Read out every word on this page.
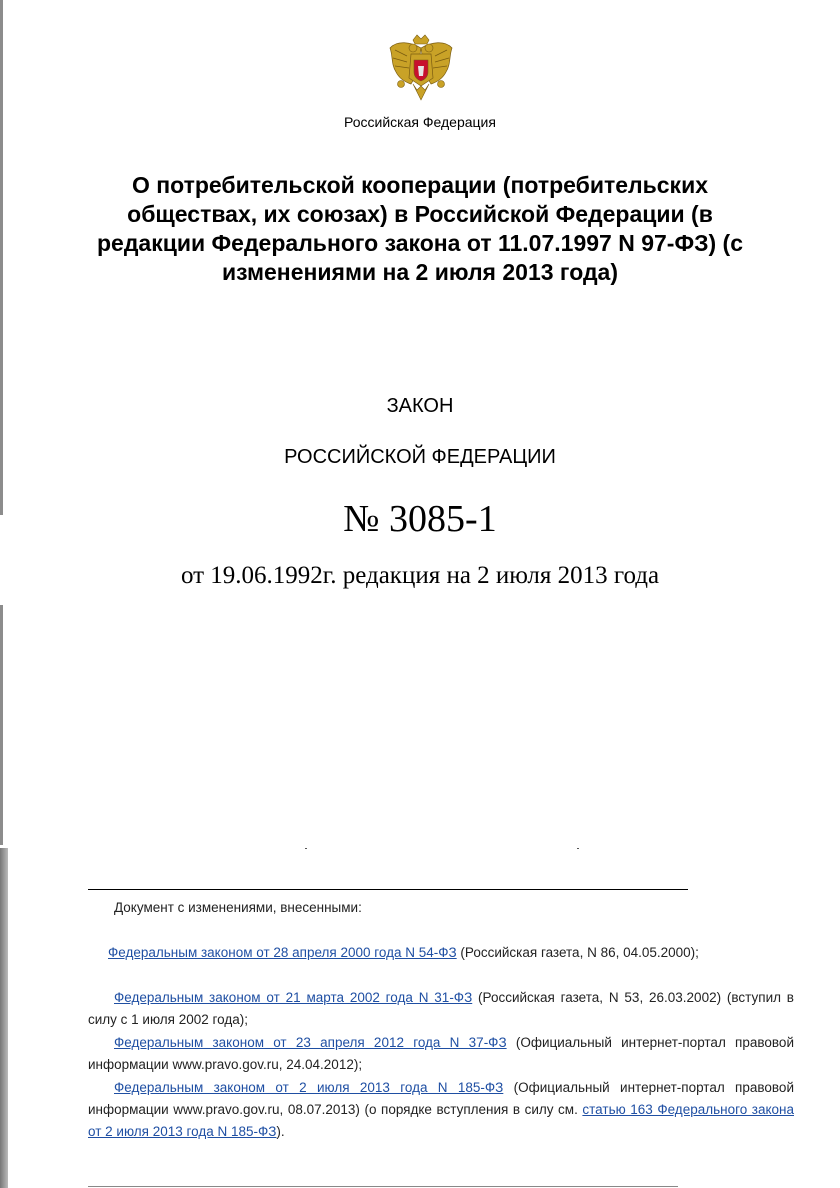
Российская Федерация
О потребительской кооперации (потребительских
обществах, их союзах) в Российской Федерации (в
редакции Федерального закона от 11.07.1997 N 97-ФЗ) (с
изменениями на 2 июля 2013 года)
ЗАКОН
РОССИЙСКОЙ ФЕДЕРАЦИИ
№ 3085-1
от 19.06.1992г. редакция на 2 июля 2013 года
Документ с изменениями, внесенными:
Федеральным законом от 28 апреля 2000 года N 54-ФЗ (Российская газета, N 86, 04.05.2000);
Федеральным законом от 21 марта 2002 года N 31-ФЗ (Российская газета, N 53, 26.03.2002) (вступил в силу с 1 июля 2002 года);
Федеральным законом от 23 апреля 2012 года N 37-ФЗ (Официальный интернет-портал правовой информации www.pravo.gov.ru, 24.04.2012);
Федеральным законом от 2 июля 2013 года N 185-ФЗ (Официальный интернет-портал правовой информации www.pravo.gov.ru, 08.07.2013) (о порядке вступления в силу см. статью 163 Федерального закона от 2 июля 2013 года N 185-ФЗ).
